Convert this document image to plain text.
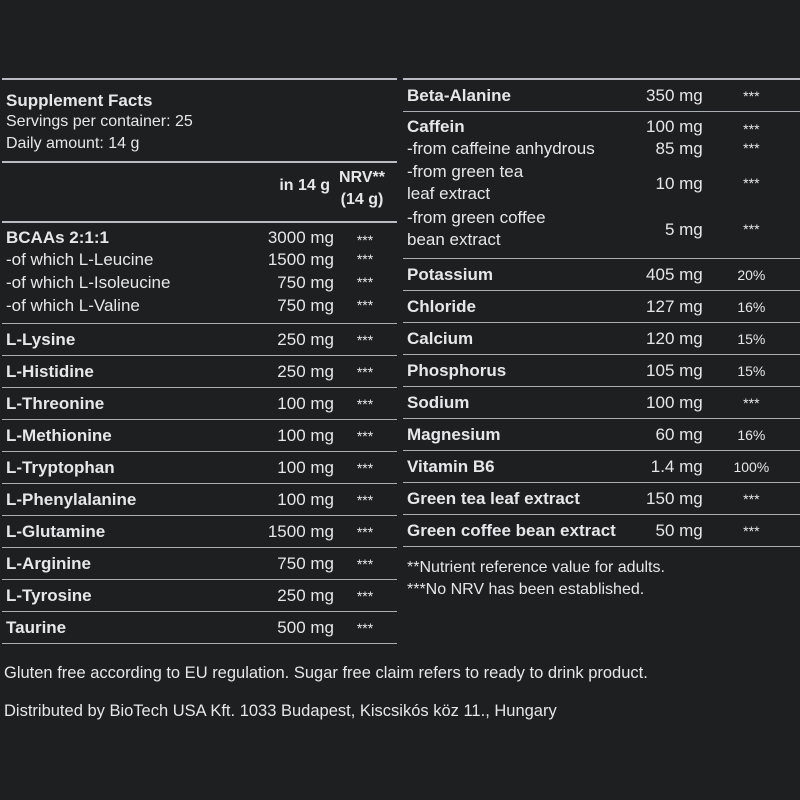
Supplement Facts
Servings per container: 25
Daily amount: 14 g
in 14 g NRV**
(14 g)
BCAAs 2:1:1	3000 mg	***
-of which L-Leucine	1500 mg	***
-of which L-Isoleucine	750 mg	***
-of which L-Valine	750 mg	***
L-Lysine	250 mg	***
L-Histidine	250 mg	***
L-Threonine	100 mg	***
L-Methionine	100 mg	***
L-Tryptophan	100 mg	***
L-Phenylalanine	100 mg	***
L-Glutamine	1500 mg	***
L-Arginine	750 mg	***
L-Tyrosine	250 mg	***
Taurine	500 mg	***
Beta-Alanine	350 mg	***
Caffein	100 mg	***
-from caffeine anhydrous	85 mg	***
-from green tea
leaf extract
10 mg	***
-from green coffee
bean extract
5 mg	***
Potassium	405 mg	20%
Chloride	127 mg	16%
Calcium	120 mg	15%
Phosphorus	105 mg	15%
Sodium	100 mg	***
Magnesium	60 mg	16%
Vitamin B6	1.4 mg	100%
Green tea leaf extract	150 mg	***
Green coffee bean extract	50 mg	***
**Nutrient reference value for adults.
***No NRV has been established.
Gluten free according to EU regulation. Sugar free claim refers to ready to drink product.
Distributed by BioTech USA Kft. 1033 Budapest, Kiscsikós köz 11., Hungary
